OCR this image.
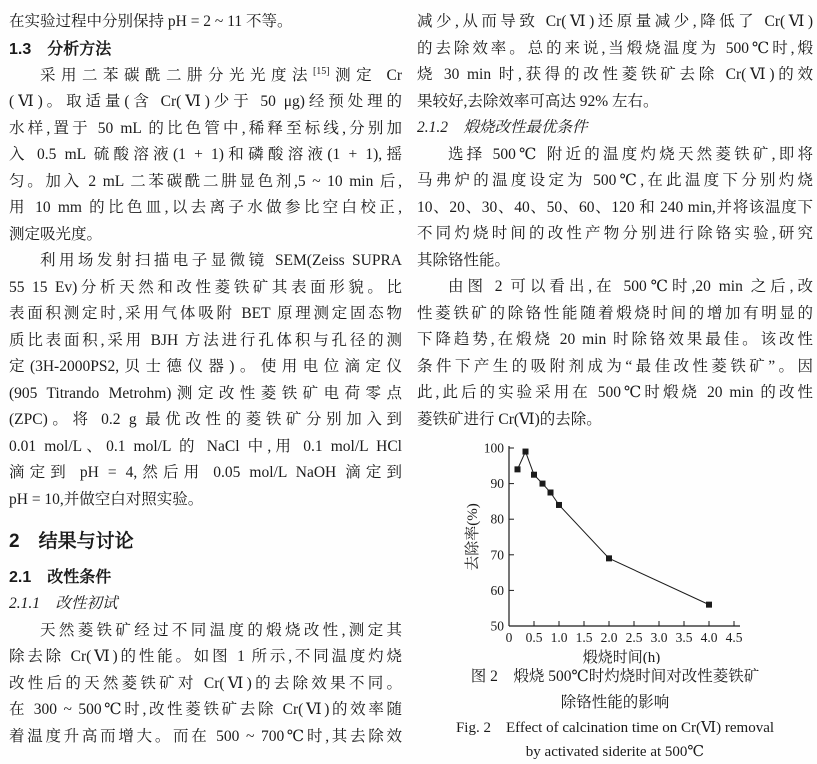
在实验过程中分别保持 pH = 2 ~ 11 不等。
1.3　分析方法
采用二苯碳酰二肼分光光度法[15]测定 Cr
(Ⅵ)。取适量(含 Cr(Ⅵ)少于 50 μg)经预处理的
水样,置于 50 mL 的比色管中,稀释至标线,分别加
入 0.5 mL 硫酸溶液(1 + 1)和磷酸溶液(1 + 1),摇
匀。加入 2 mL 二苯碳酰二肼显色剂,5 ~ 10 min 后,
用 10 mm 的比色皿,以去离子水做参比空白校正,
测定吸光度。
利用场发射扫描电子显微镜 SEM(Zeiss SUPRA
55 15 Ev)分析天然和改性菱铁矿其表面形貌。比
表面积测定时,采用气体吸附 BET 原理测定固态物
质比表面积,采用 BJH 方法进行孔体积与孔径的测
定(3H-2000PS2,贝士德仪器)。使用电位滴定仪
(905 Titrando Metrohm)测定改性菱铁矿电荷零点
(ZPC)。将 0.2 g 最优改性的菱铁矿分别加入到
0.01 mol/L、0.1 mol/L 的 NaCl 中,用 0.1 mol/L HCl
滴定到 pH = 4,然后用 0.05 mol/L NaOH 滴定到
pH = 10,并做空白对照实验。
2　结果与讨论
2.1　改性条件
2.1.1　改性初试
天然菱铁矿经过不同温度的煅烧改性,测定其
除去除 Cr(Ⅵ)的性能。如图 1 所示,不同温度灼烧
改性后的天然菱铁矿对 Cr(Ⅵ)的去除效果不同。
在 300 ~ 500℃时,改性菱铁矿去除 Cr(Ⅵ)的效率随
着温度升高而增大。而在 500 ~ 700℃时,其去除效
减少,从而导致 Cr(Ⅵ)还原量减少,降低了 Cr(Ⅵ)
的去除效率。总的来说,当煅烧温度为 500℃时,煅
烧 30 min 时,获得的改性菱铁矿去除 Cr(Ⅵ)的效
果较好,去除效率可高达 92% 左右。
2.1.2　煅烧改性最优条件
选择 500℃ 附近的温度灼烧天然菱铁矿,即将
马弗炉的温度设定为 500℃,在此温度下分别灼烧
10、20、30、40、50、60、120 和 240 min,并将该温度下
不同灼烧时间的改性产物分别进行除铬实验,研究
其除铬性能。
由图 2 可以看出,在 500℃时,20 min 之后,改
性菱铁矿的除铬性能随着煅烧时间的增加有明显的
下降趋势,在煅烧 20 min 时除铬效果最佳。该改性
条件下产生的吸附剂成为“最佳改性菱铁矿”。因
此,此后的实验采用在 500℃时煅烧 20 min 的改性
菱铁矿进行 Cr(Ⅵ)的去除。
50
60
70
80
90
100
0 0.5 1.0 1.5 2.0 2.5 3.0 3.5 4.0 4.5
煅烧时间(h)
去除率(%)
图 2　煅烧 500℃时灼烧时间对改性菱铁矿
除铬性能的影响
Fig. 2　Effect of calcination time on Cr(Ⅵ) removal
by activated siderite at 500℃
